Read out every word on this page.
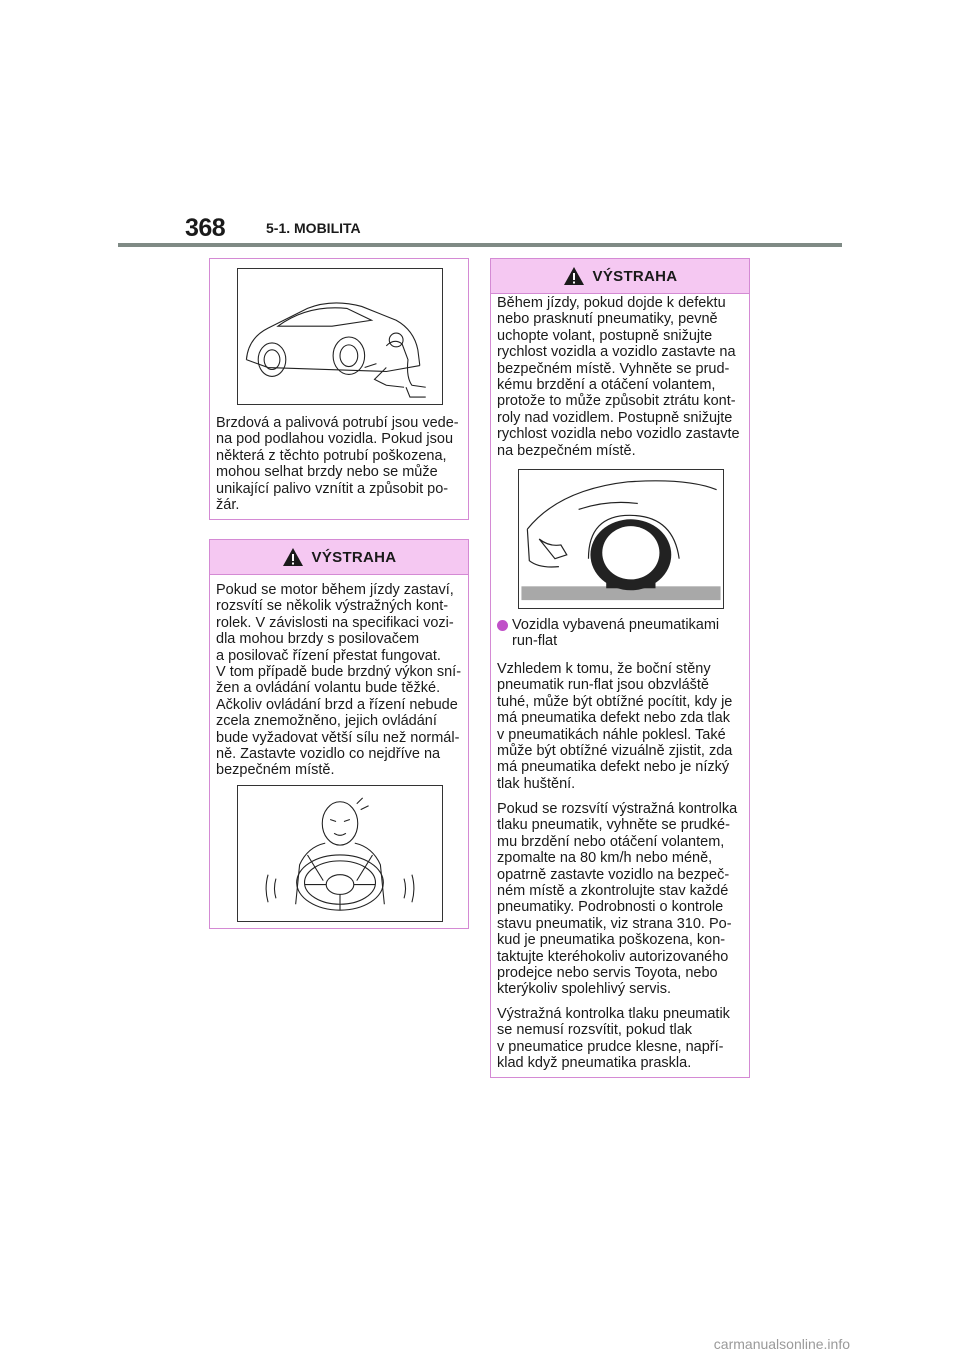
368	5-1. MOBILITA

Brzdová a palivová potrubí jsou vede-
na pod podlahou vozidla. Pokud jsou
některá z těchto potrubí poškozena,
mohou selhat brzdy nebo se může
unikající palivo vznítit a způsobit po-
žár.

VÝSTRAHA

Pokud se motor během jízdy zastaví,
rozsvítí se několik výstražných kont-
rolek. V závislosti na specifikaci vozi-
dla mohou brzdy s posilovačem
a posilovač řízení přestat fungovat.
V tom případě bude brzdný výkon sní-
žen a ovládání volantu bude těžké.
Ačkoliv ovládání brzd a řízení nebude
zcela znemožněno, jejich ovládání
bude vyžadovat větší sílu než normál-
ně. Zastavte vozidlo co nejdříve na
bezpečném místě.

VÝSTRAHA

Během jízdy, pokud dojde k defektu
nebo prasknutí pneumatiky, pevně
uchopte volant, postupně snižujte
rychlost vozidla a vozidlo zastavte na
bezpečném místě. Vyhněte se prud-
kému brzdění a otáčení volantem,
protože to může způsobit ztrátu kont-
roly nad vozidlem. Postupně snižujte
rychlost vozidla nebo vozidlo zastavte
na bezpečném místě.

Vozidla vybavená pneumatikami
run-flat

Vzhledem k tomu, že boční stěny
pneumatik run-flat jsou obzvláště
tuhé, může být obtížné pocítit, kdy je
má pneumatika defekt nebo zda tlak
v pneumatikách náhle poklesl. Také
může být obtížné vizuálně zjistit, zda
má pneumatika defekt nebo je nízký
tlak huštění.

Pokud se rozsvítí výstražná kontrolka
tlaku pneumatik, vyhněte se prudké-
mu brzdění nebo otáčení volantem,
zpomalte na 80 km/h nebo méně,
opatrně zastavte vozidlo na bezpeč-
ném místě a zkontrolujte stav každé
pneumatiky. Podrobnosti o kontrole
stavu pneumatik, viz strana 310. Po-
kud je pneumatika poškozena, kon-
taktujte kteréhokoliv autorizovaného
prodejce nebo servis Toyota, nebo
kterýkoliv spolehlivý servis.

Výstražná kontrolka tlaku pneumatik
se nemusí rozsvítit, pokud tlak
v pneumatice prudce klesne, napří-
klad když pneumatika praskla.

carmanualsonline.info
